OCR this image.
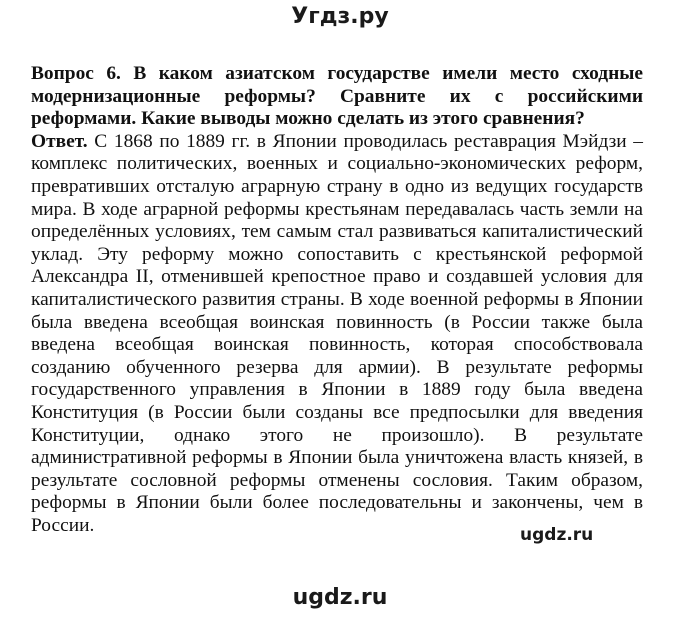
Угдз.ру

Вопрос 6. В каком азиатском государстве имели место сходные модернизационные реформы? Сравните их с российскими реформами. Какие выводы можно сделать из этого сравнения?

Ответ. С 1868 по 1889 гг. в Японии проводилась реставрация Мэйдзи – комплекс политических, военных и социально-экономических реформ, превративших отсталую аграрную страну в одно из ведущих государств мира. В ходе аграрной реформы крестьянам передавалась часть земли на определённых условиях, тем самым стал развиваться капиталистический уклад. Эту реформу можно сопоставить с крестьянской реформой Александра II, отменившей крепостное право и создавшей условия для капиталистического развития страны. В ходе военной реформы в Японии была введена всеобщая воинская повинность (в России также была введена всеобщая воинская повинность, которая способствовала созданию обученного резерва для армии). В результате реформы государственного управления в Японии в 1889 году была введена Конституция (в России были созданы все предпосылки для введения Конституции, однако этого не произошло). В результате административной реформы в Японии была уничтожена власть князей, в результате сословной реформы отменены сословия. Таким образом, реформы в Японии были более последовательны и закончены, чем в России.	ugdz.ru
ugdz.ru
